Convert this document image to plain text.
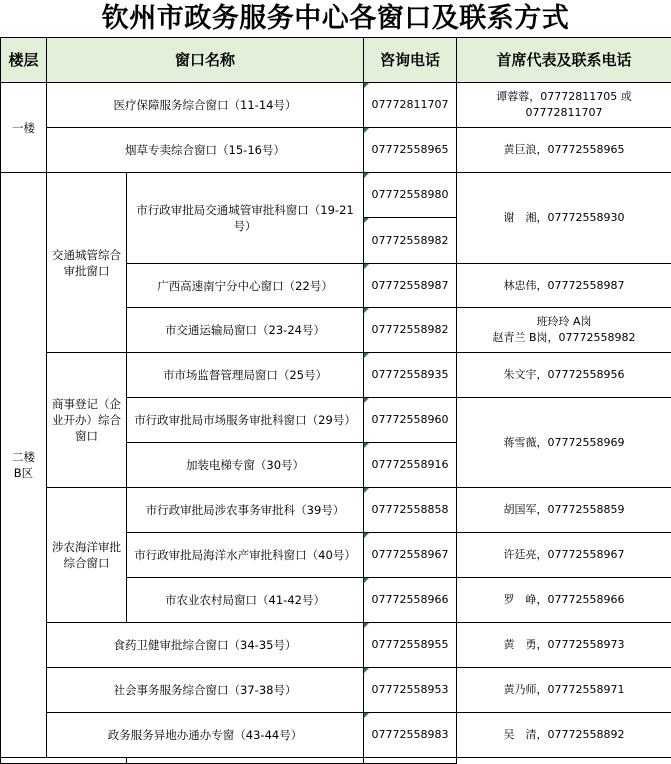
钦州市政务服务中心各窗口及联系方式
楼层	窗口名称		咨询电话	首席代表及联系电话
一楼	医疗保障服务综合窗口（11-14号）		07772811707	谭蓉蓉，07772811705 或07772811707
	烟草专卖综合窗口（15-16号）		07772558965	黄巨浪，07772558965

二楼
B区	交通城管综合审批窗口	市行政审批局交通城管审批科窗口（19-21号）	07772558980	谢　湘，07772558930
			07772558982	
		广西高速南宁分中心窗口（22号）	07772558987	林忠伟，07772558987
		市交通运输局窗口（23-24号）	07772558982	班玲玲 A岗
赵青兰 B岗，07772558982

	商事登记（企业开办）综合窗口	市市场监督管理局窗口（25号）	07772558935	朱文宇，07772558956
		市行政审批局市场服务审批科窗口（29号）	07772558960	蒋雪薇，07772558969
		加装电梯专窗（30号）	07772558916	
	涉农海洋审批综合窗口	市行政审批局涉农事务审批科（39号）	07772558858	胡国军，07772558859
		市行政审批局海洋水产审批科窗口（40号）	07772558967	许廷亮，07772558967
		市农业农村局窗口（41-42号）	07772558966	罗　峥，07772558966
	食药卫健审批综合窗口（34-35号）		07772558955	黄　勇，07772558973
	社会事务服务综合窗口（37-38号）		07772558953	黄乃师，07772558971
	政务服务异地办通办专窗（43-44号）		07772558983	吴　清，07772558892
